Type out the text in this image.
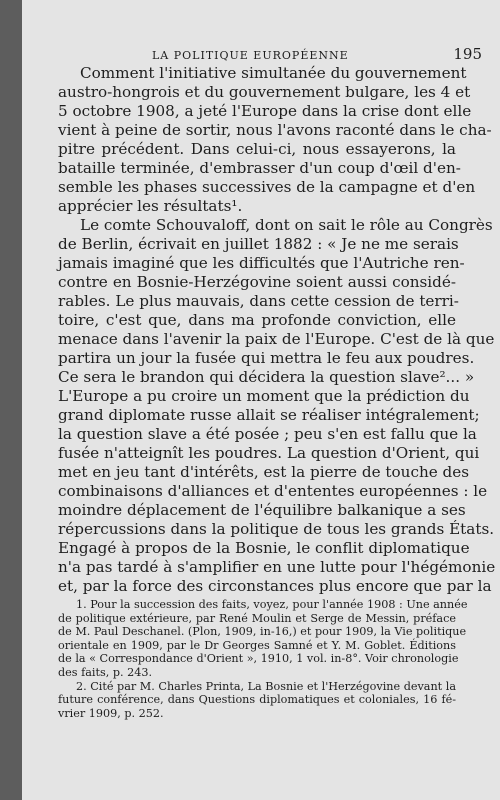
LA POLITIQUE EUROPÉENNE	195
Comment l'initiative simultanée du gouvernement
austro-hongrois et du gouvernement bulgare, les 4 et
5 octobre 1908, a jeté l'Europe dans la crise dont elle
vient à peine de sortir, nous l'avons raconté dans le cha-
pitre précédent. Dans celui-ci, nous essayerons, la
bataille terminée, d'embrasser d'un coup d'œil d'en-
semble les phases successives de la campagne et d'en
apprécier les résultats¹.
Le comte Schouvaloff, dont on sait le rôle au Congrès
de Berlin, écrivait en juillet 1882 : « Je ne me serais
jamais imaginé que les difficultés que l'Autriche ren-
contre en Bosnie-Herzégovine soient aussi considé-
rables. Le plus mauvais, dans cette cession de terri-
toire, c'est que, dans ma profonde conviction, elle
menace dans l'avenir la paix de l'Europe. C'est de là que
partira un jour la fusée qui mettra le feu aux poudres.
Ce sera le brandon qui décidera la question slave²... »
L'Europe a pu croire un moment que la prédiction du
grand diplomate russe allait se réaliser intégralement;
la question slave a été posée ; peu s'en est fallu que la
fusée n'atteignît les poudres. La question d'Orient, qui
met en jeu tant d'intérêts, est la pierre de touche des
combinaisons d'alliances et d'ententes européennes : le
moindre déplacement de l'équilibre balkanique a ses
répercussions dans la politique de tous les grands États.
Engagé à propos de la Bosnie, le conflit diplomatique
n'a pas tardé à s'amplifier en une lutte pour l'hégémonie
et, par la force des circonstances plus encore que par la
1. Pour la succession des faits, voyez, pour l'année 1908 : Une année
de politique extérieure, par René Moulin et Serge de Messin, préface
de M. Paul Deschanel. (Plon, 1909, in-16,) et pour 1909, la Vie politique
orientale en 1909, par le Dr Georges Samné et Y. M. Goblet. Éditions
de la « Correspondance d'Orient », 1910, 1 vol. in-8°. Voir chronologie
des faits, p. 243.
2. Cité par M. Charles Printa, La Bosnie et l'Herzégovine devant la
future conférence, dans Questions diplomatiques et coloniales, 16 fé-
vrier 1909, p. 252.
